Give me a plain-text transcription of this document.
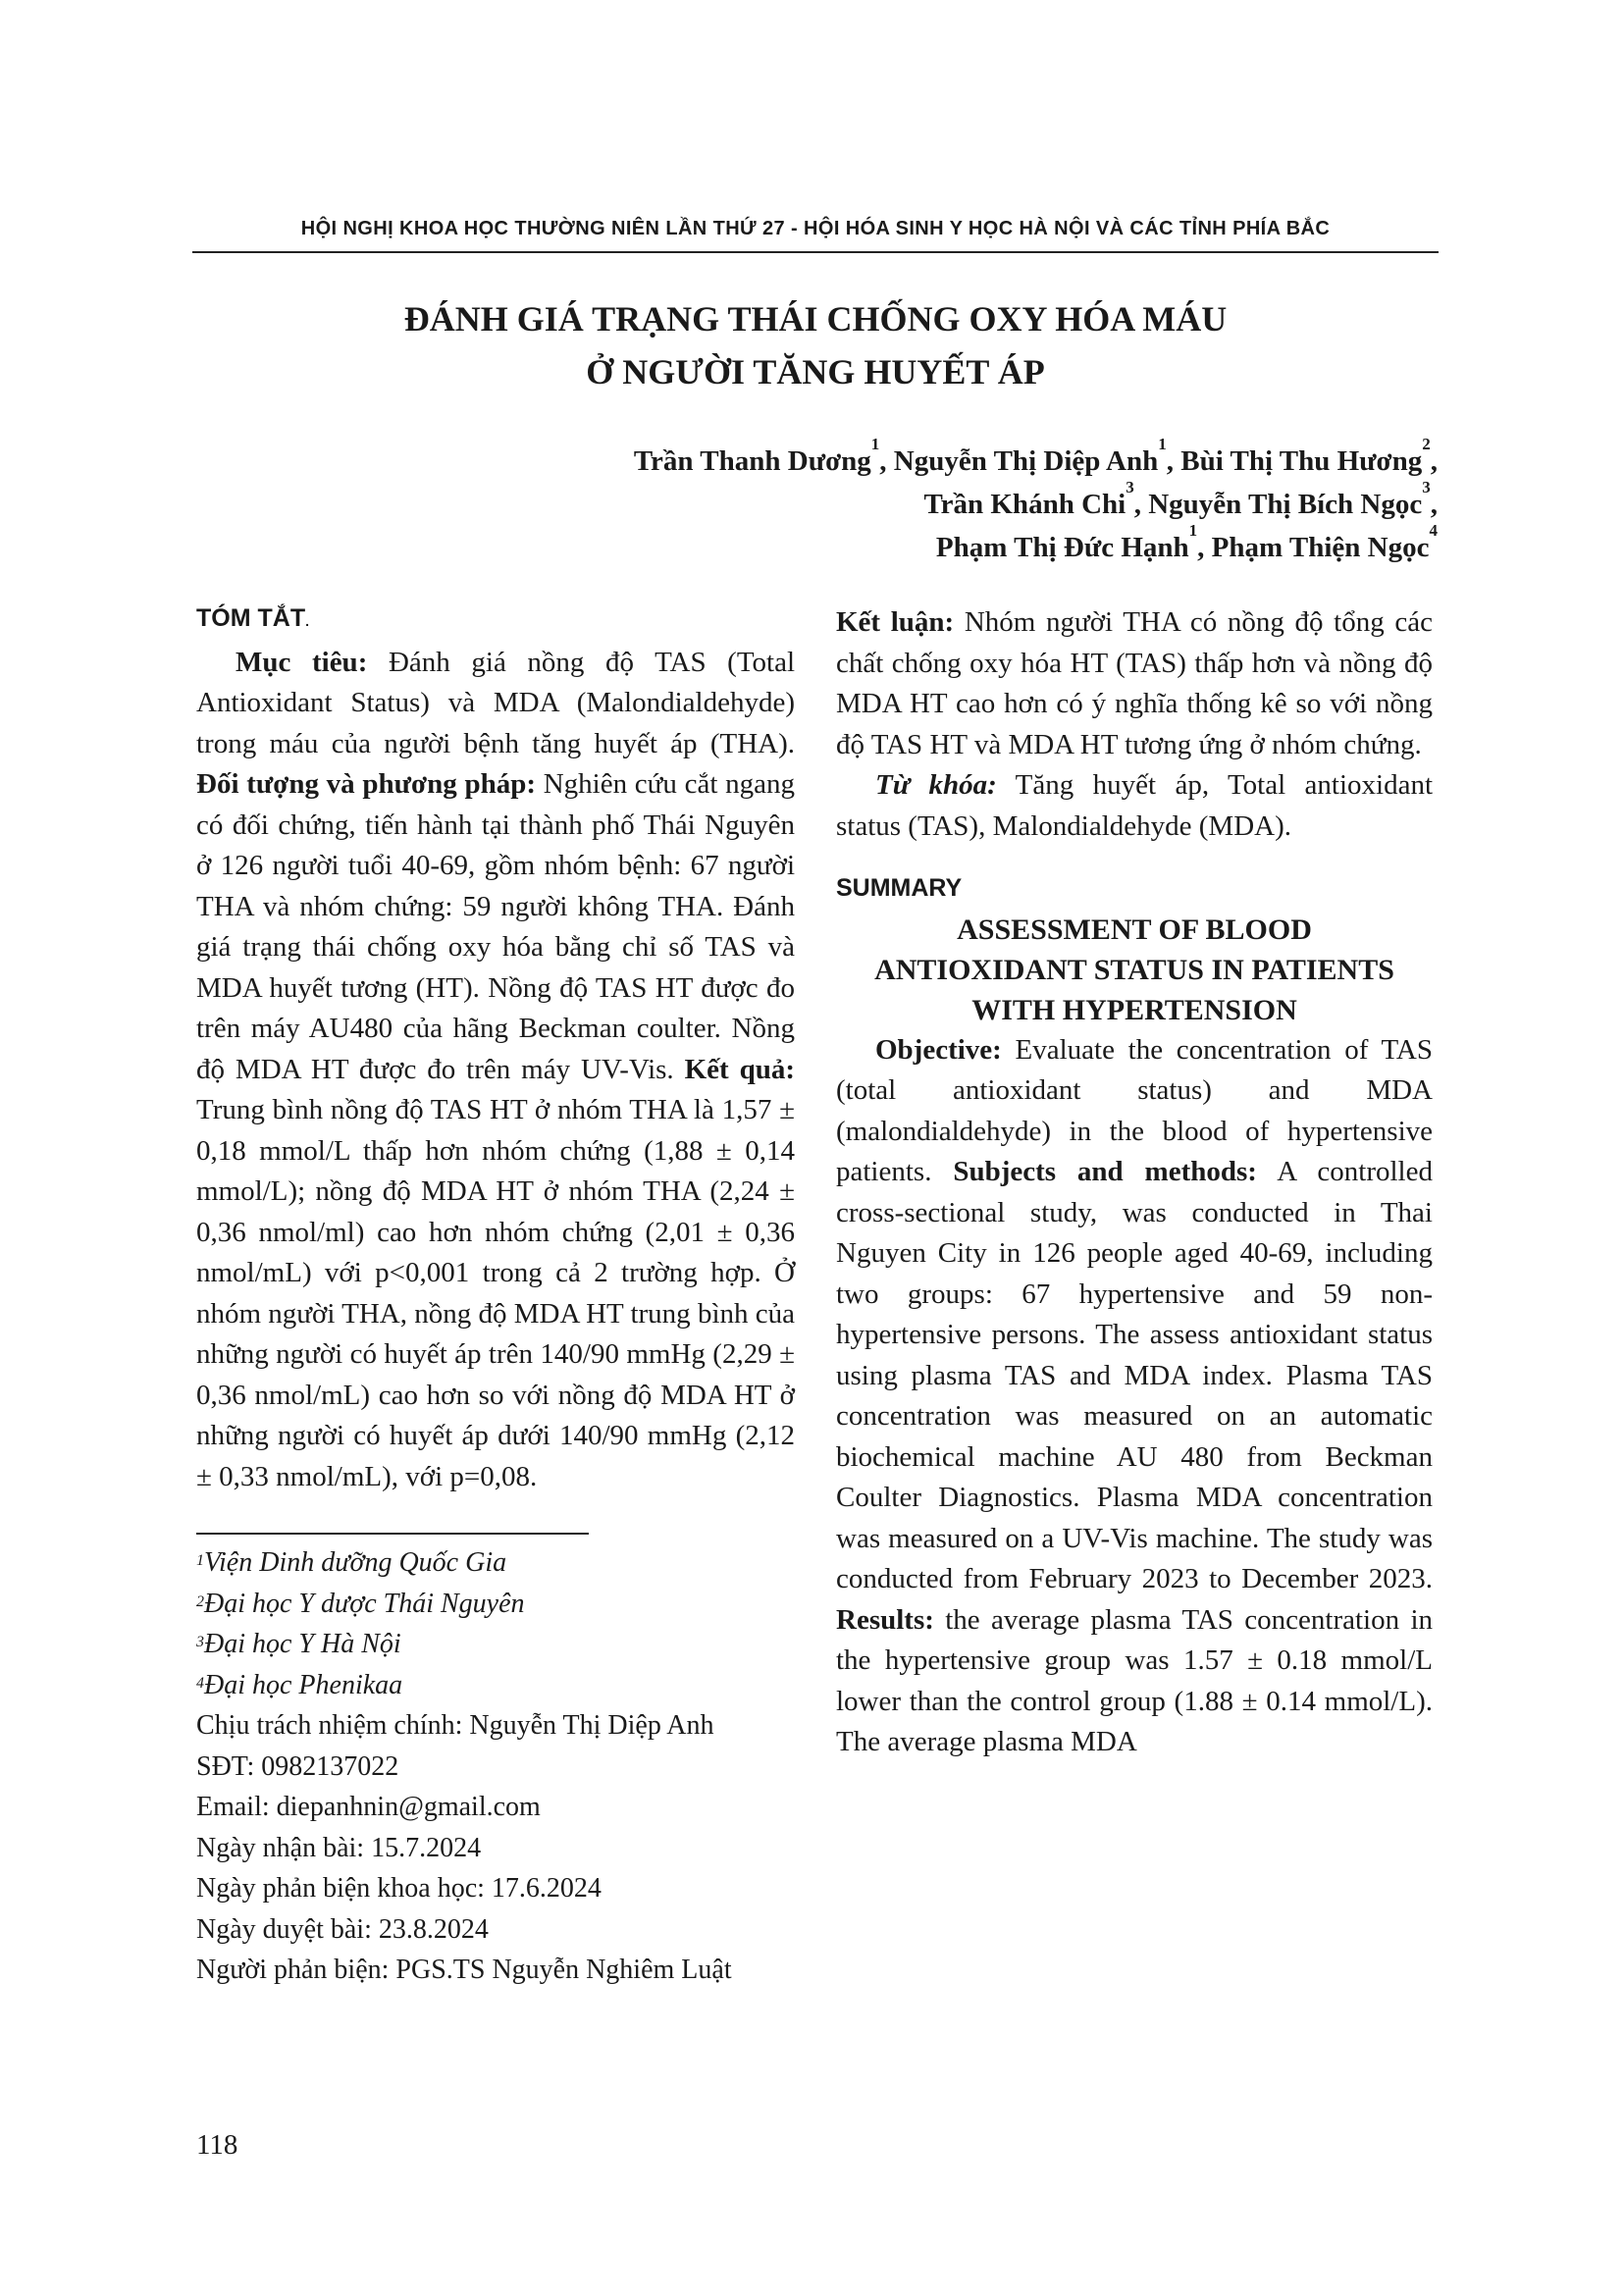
HỘI NGHỊ KHOA HỌC THƯỜNG NIÊN LẦN THỨ 27 - HỘI HÓA SINH Y HỌC HÀ NỘI VÀ CÁC TỈNH PHÍA BẮC
ĐÁNH GIÁ TRẠNG THÁI CHỐNG OXY HÓA MÁU
Ở NGƯỜI TĂNG HUYẾT ÁP
Trần Thanh Dương$^1$, Nguyễn Thị Diệp Anh$^1$, Bùi Thị Thu Hương$^2$,
Trần Khánh Chi$^3$, Nguyễn Thị Bích Ngọc$^3$,
Phạm Thị Đức Hạnh$^1$, Phạm Thiện Ngọc$^4$
TÓM TẮT.

Mục tiêu: Đánh giá nồng độ TAS (Total Antioxidant Status) và MDA (Malondialdehyde) trong máu của người bệnh tăng huyết áp (THA). Đối tượng và phương pháp: Nghiên cứu cắt ngang có đối chứng, tiến hành tại thành phố Thái Nguyên ở 126 người tuổi 40-69, gồm nhóm bệnh: 67 người THA và nhóm chứng: 59 người không THA. Đánh giá trạng thái chống oxy hóa bằng chỉ số TAS và MDA huyết tương (HT). Nồng độ TAS HT được đo trên máy AU480 của hãng Beckman coulter. Nồng độ MDA HT được đo trên máy UV-Vis. Kết quả: Trung bình nồng độ TAS HT ở nhóm THA là 1,57 ± 0,18 mmol/L thấp hơn nhóm chứng (1,88 ± 0,14 mmol/L); nồng độ MDA HT ở nhóm THA (2,24 ± 0,36 nmol/ml) cao hơn nhóm chứng (2,01 ± 0,36 nmol/mL) với p<0,001 trong cả 2 trường hợp. Ở nhóm người THA, nồng độ MDA HT trung bình của những người có huyết áp trên 140/90 mmHg (2,29 ± 0,36 nmol/mL) cao hơn so với nồng độ MDA HT ở những người có huyết áp dưới 140/90 mmHg (2,12 ± 0,33 nmol/mL), với p=0,08.

$^1$Viện Dinh dưỡng Quốc Gia
$^2$Đại học Y dược Thái Nguyên
$^3$Đại học Y Hà Nội
$^4$Đại học Phenikaa
Chịu trách nhiệm chính: Nguyễn Thị Diệp Anh
SĐT: 0982137022
Email: diepanhnin@gmail.com
Ngày nhận bài: 15.7.2024
Ngày phản biện khoa học: 17.6.2024
Ngày duyệt bài: 23.8.2024
Người phản biện: PGS.TS Nguyễn Nghiêm Luật

Kết luận: Nhóm người THA có nồng độ tổng các chất chống oxy hóa HT (TAS) thấp hơn và nồng độ MDA HT cao hơn có ý nghĩa thống kê so với nồng độ TAS HT và MDA HT tương ứng ở nhóm chứng.

Từ khóa: Tăng huyết áp, Total antioxidant status (TAS), Malondialdehyde (MDA).

SUMMARY
ASSESSMENT OF BLOOD
ANTIOXIDANT STATUS IN PATIENTS
WITH HYPERTENSION

Objective: Evaluate the concentration of TAS (total antioxidant status) and MDA (malondialdehyde) in the blood of hypertensive patients. Subjects and methods: A controlled cross-sectional study, was conducted in Thai Nguyen City in 126 people aged 40-69, including two groups: 67 hypertensive and 59 non-hypertensive persons. The assess antioxidant status using plasma TAS and MDA index. Plasma TAS concentration was measured on an automatic biochemical machine AU 480 from Beckman Coulter Diagnostics. Plasma MDA concentration was measured on a UV-Vis machine. The study was conducted from February 2023 to December 2023. Results: the average plasma TAS concentration in the hypertensive group was 1.57 ± 0.18 mmol/L lower than the control group (1.88 ± 0.14 mmol/L). The average plasma MDA

118
